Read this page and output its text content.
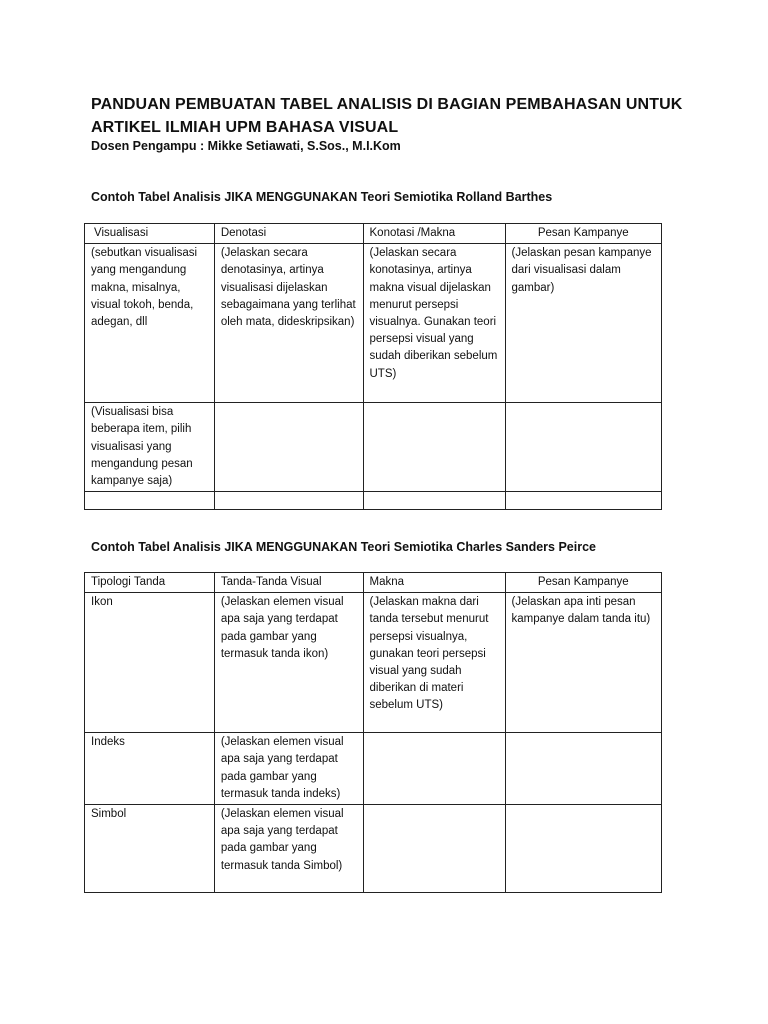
PANDUAN PEMBUATAN TABEL ANALISIS DI BAGIAN PEMBAHASAN UNTUK
ARTIKEL ILMIAH UPM BAHASA VISUAL

Dosen Pengampu : Mikke Setiawati, S.Sos., M.I.Kom

Contoh Tabel Analisis JIKA MENGGUNAKAN Teori Semiotika Rolland Barthes

Visualisasi	Denotasi	Konotasi /Makna	Pesan Kampanye
(sebutkan visualisasi yang mengandung makna, misalnya, visual tokoh, benda, adegan, dll	(Jelaskan secara denotasinya, artinya visualisasi dijelaskan sebagaimana yang terlihat oleh mata, dideskripsikan)	(Jelaskan secara konotasinya, artinya makna visual dijelaskan menurut persepsi visualnya. Gunakan teori persepsi visual yang sudah diberikan sebelum UTS)	(Jelaskan pesan kampanye dari visualisasi dalam gambar)
(Visualisasi bisa beberapa item, pilih visualisasi yang mengandung pesan kampanye saja)			

Contoh Tabel Analisis JIKA MENGGUNAKAN Teori Semiotika Charles Sanders Peirce

Tipologi Tanda	Tanda-Tanda Visual	Makna	Pesan Kampanye
Ikon	(Jelaskan elemen visual apa saja yang terdapat pada gambar yang termasuk tanda ikon)	(Jelaskan makna dari tanda tersebut menurut persepsi visualnya, gunakan teori persepsi visual yang sudah diberikan di materi sebelum UTS)	(Jelaskan apa inti pesan kampanye dalam tanda itu)
Indeks	(Jelaskan elemen visual apa saja yang terdapat pada gambar yang termasuk tanda indeks)		
Simbol	(Jelaskan elemen visual apa saja yang terdapat pada gambar yang termasuk tanda Simbol)		
